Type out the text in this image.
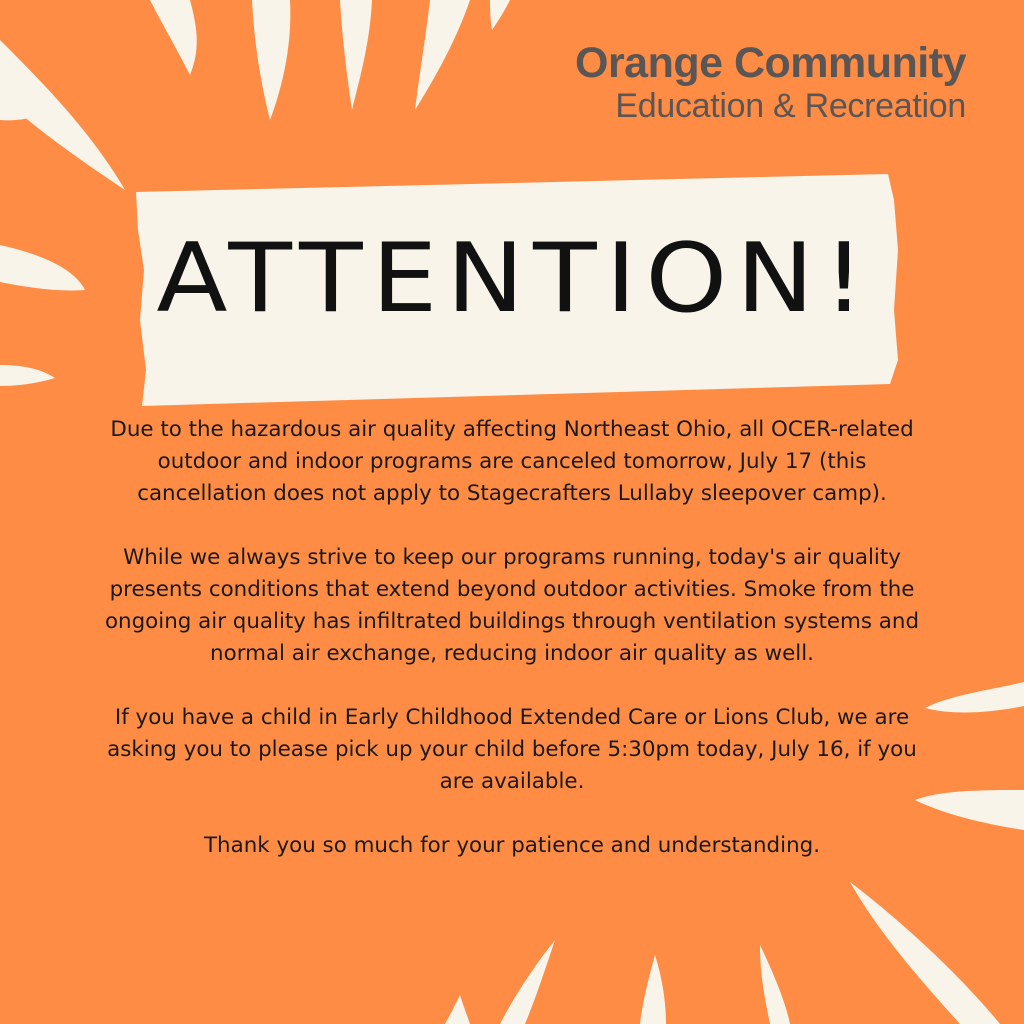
Orange Community
Education & Recreation
ATTENTION!

Due to the hazardous air quality affecting Northeast Ohio, all OCER-related outdoor and indoor programs are canceled tomorrow, July 17 (this cancellation does not apply to Stagecrafters Lullaby sleepover camp).

While we always strive to keep our programs running, today's air quality presents conditions that extend beyond outdoor activities. Smoke from the ongoing air quality has infiltrated buildings through ventilation systems and normal air exchange, reducing indoor air quality as well.

If you have a child in Early Childhood Extended Care or Lions Club, we are asking you to please pick up your child before 5:30pm today, July 16, if you are available.

Thank you so much for your patience and understanding.
